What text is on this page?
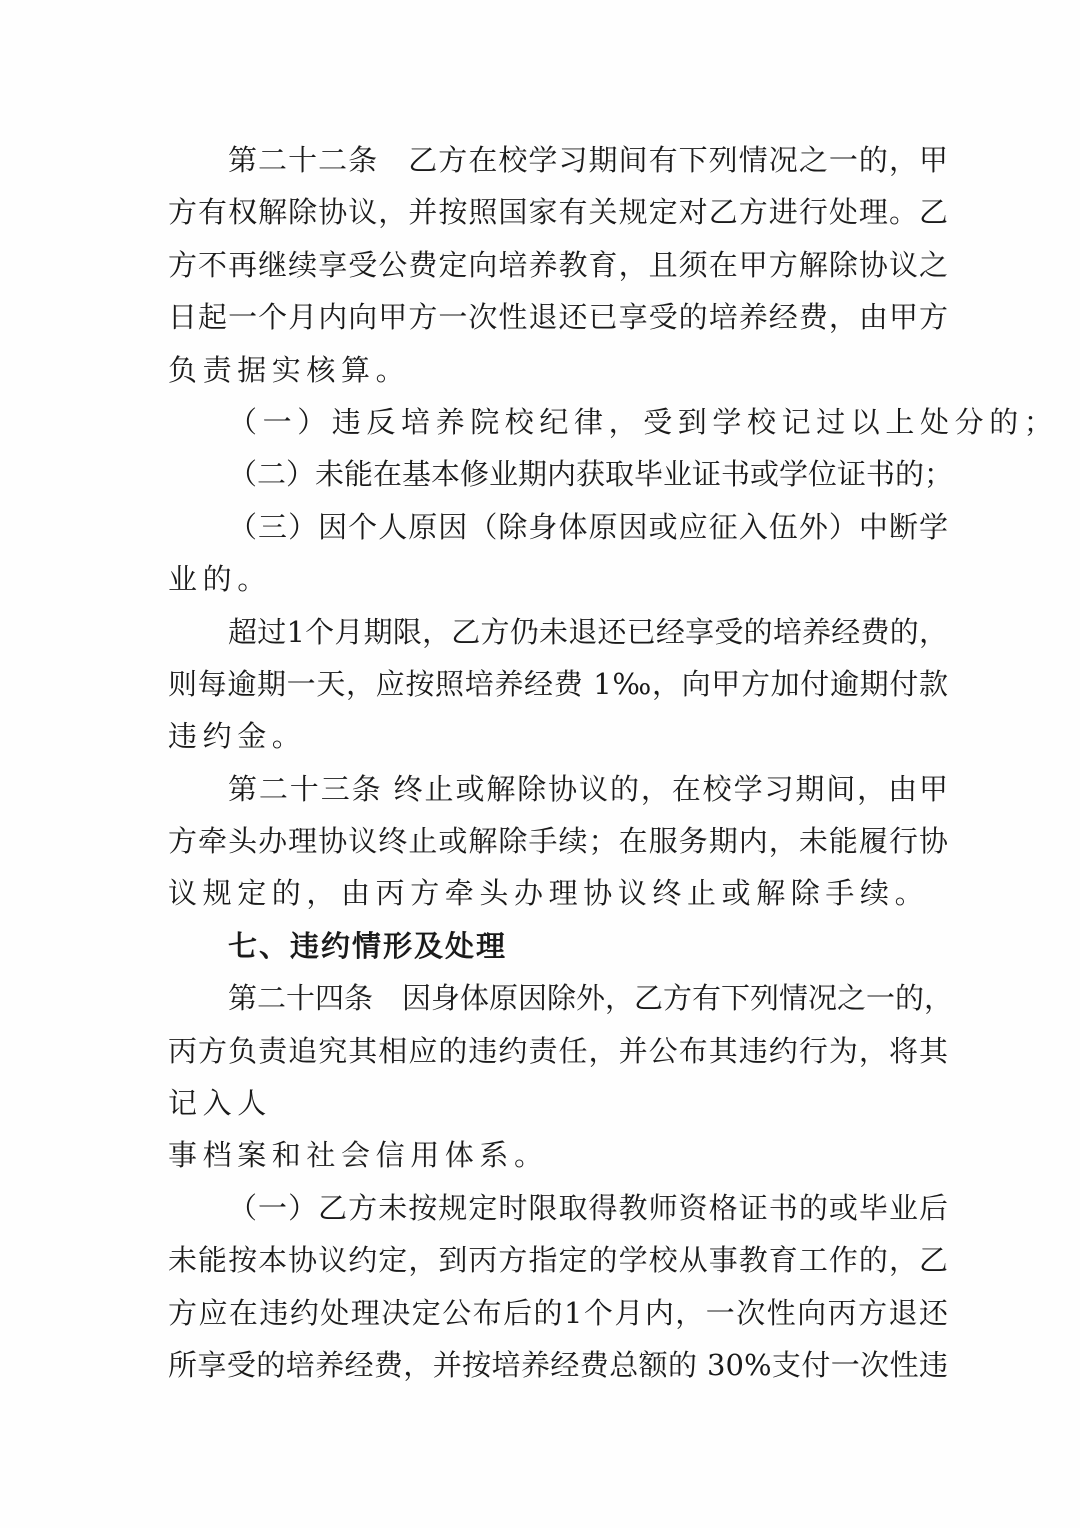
第二十二条　乙方在校学习期间有下列情况之一的，甲
方有权解除协议，并按照国家有关规定对乙方进行处理。乙
方不再继续享受公费定向培养教育，且须在甲方解除协议之
日起一个月内向甲方一次性退还已享受的培养经费，由甲方
负责据实核算。
（一）违反培养院校纪律，受到学校记过以上处分的；
（二）未能在基本修业期内获取毕业证书或学位证书的；
（三）因个人原因（除身体原因或应征入伍外）中断学
业的。
超过1个月期限，乙方仍未退还已经享受的培养经费的，
则每逾期一天，应按照培养经费 1‰，向甲方加付逾期付款
违约金。
第二十三条 终止或解除协议的，在校学习期间，由甲
方牵头办理协议终止或解除手续；在服务期内，未能履行协
议规定的，由丙方牵头办理协议终止或解除手续。
七、违约情形及处理
第二十四条　因身体原因除外，乙方有下列情况之一的，
丙方负责追究其相应的违约责任，并公布其违约行为，将其
记入人
事档案和社会信用体系。
（一）乙方未按规定时限取得教师资格证书的或毕业后
未能按本协议约定，到丙方指定的学校从事教育工作的，乙
方应在违约处理决定公布后的1个月内，一次性向丙方退还
所享受的培养经费，并按培养经费总额的 30%支付一次性违
